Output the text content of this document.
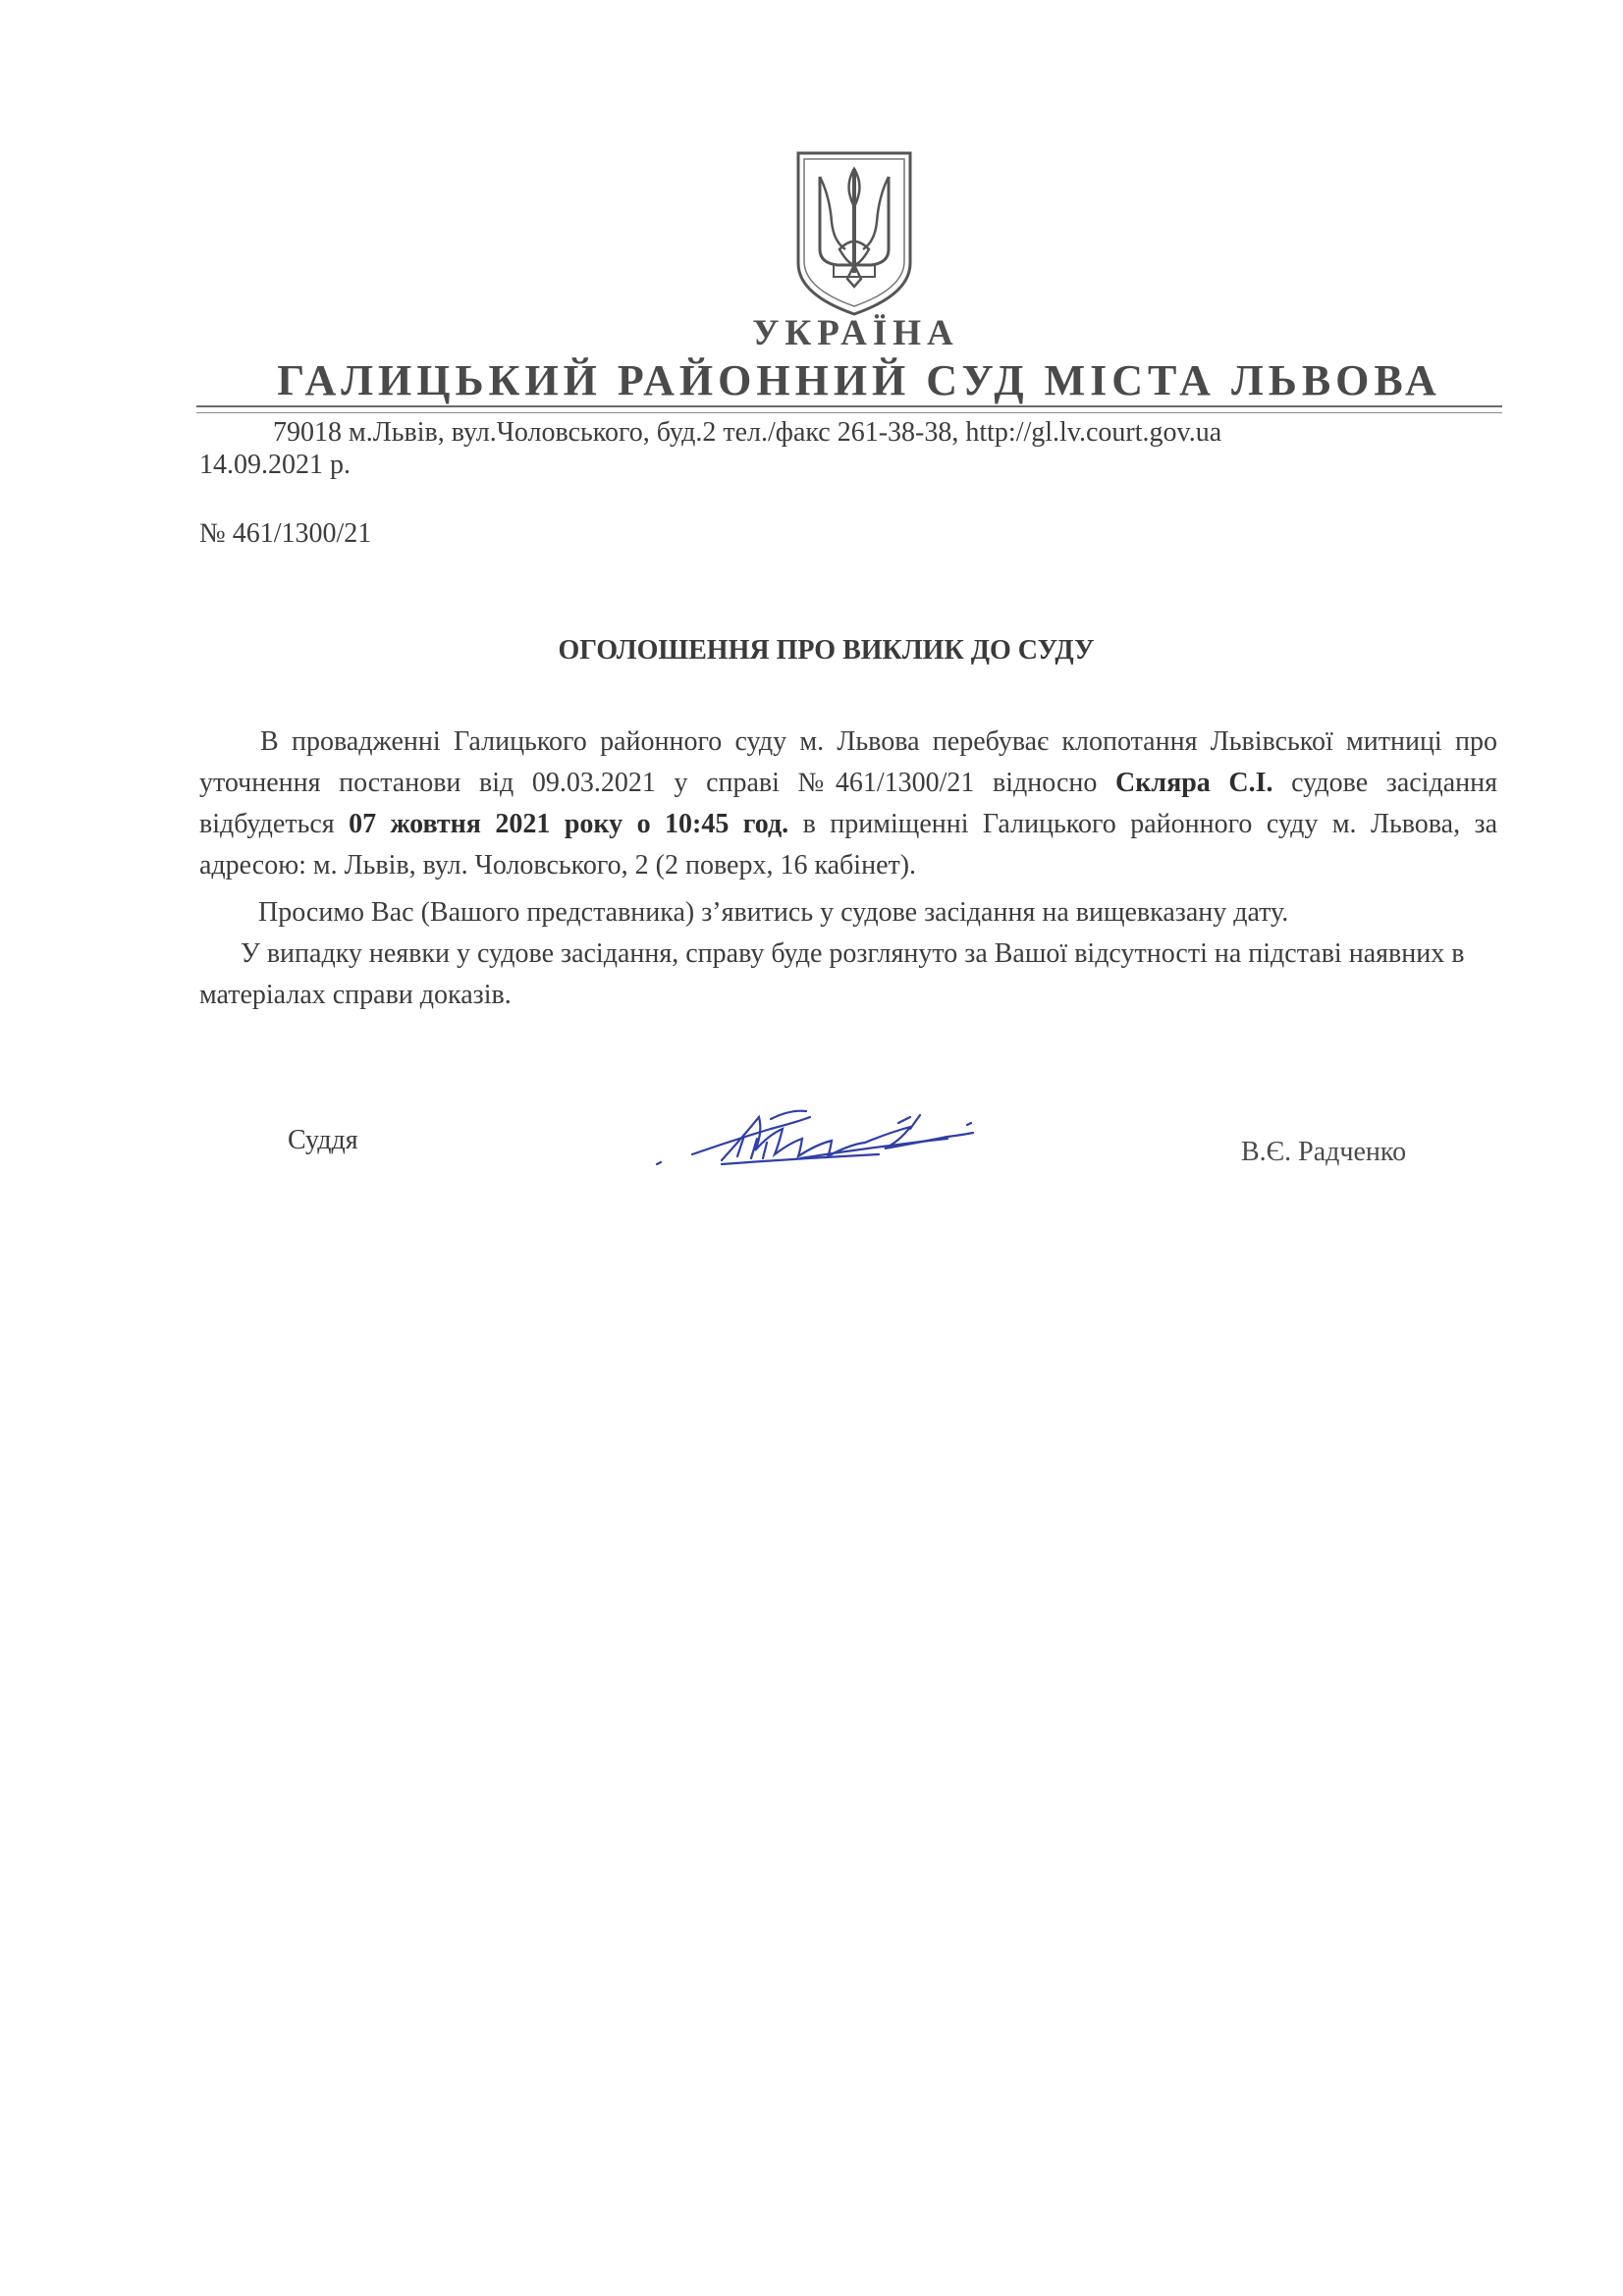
УКРАЇНА
ГАЛИЦЬКИЙ РАЙОННИЙ СУД МІСТА ЛЬВОВА
79018 м.Львів, вул.Чоловського, буд.2 тел./факс 261-38-38, http://gl.lv.court.gov.ua
14.09.2021 р.
№ 461/1300/21
ОГОЛОШЕННЯ ПРО ВИКЛИК ДО СУДУ

В провадженні Галицького районного суду м. Львова перебуває клопотання Львівської митниці про уточнення постанови від 09.03.2021 у справі №461/1300/21 відносно Скляра С.І. судове засідання відбудеться 07 жовтня 2021 року о 10:45 год. в приміщенні Галицького районного суду м. Львова, за адресою: м. Львів, вул. Чоловського, 2 (2 поверх, 16 кабінет).

Просимо Вас (Вашого представника) з’явитись у судове засідання на вищевказану дату.

У випадку неявки у судове засідання, справу буде розглянуто за Вашої відсутності на підставі наявних в матеріалах справи доказів.

Суддя	В.Є. Радченко
